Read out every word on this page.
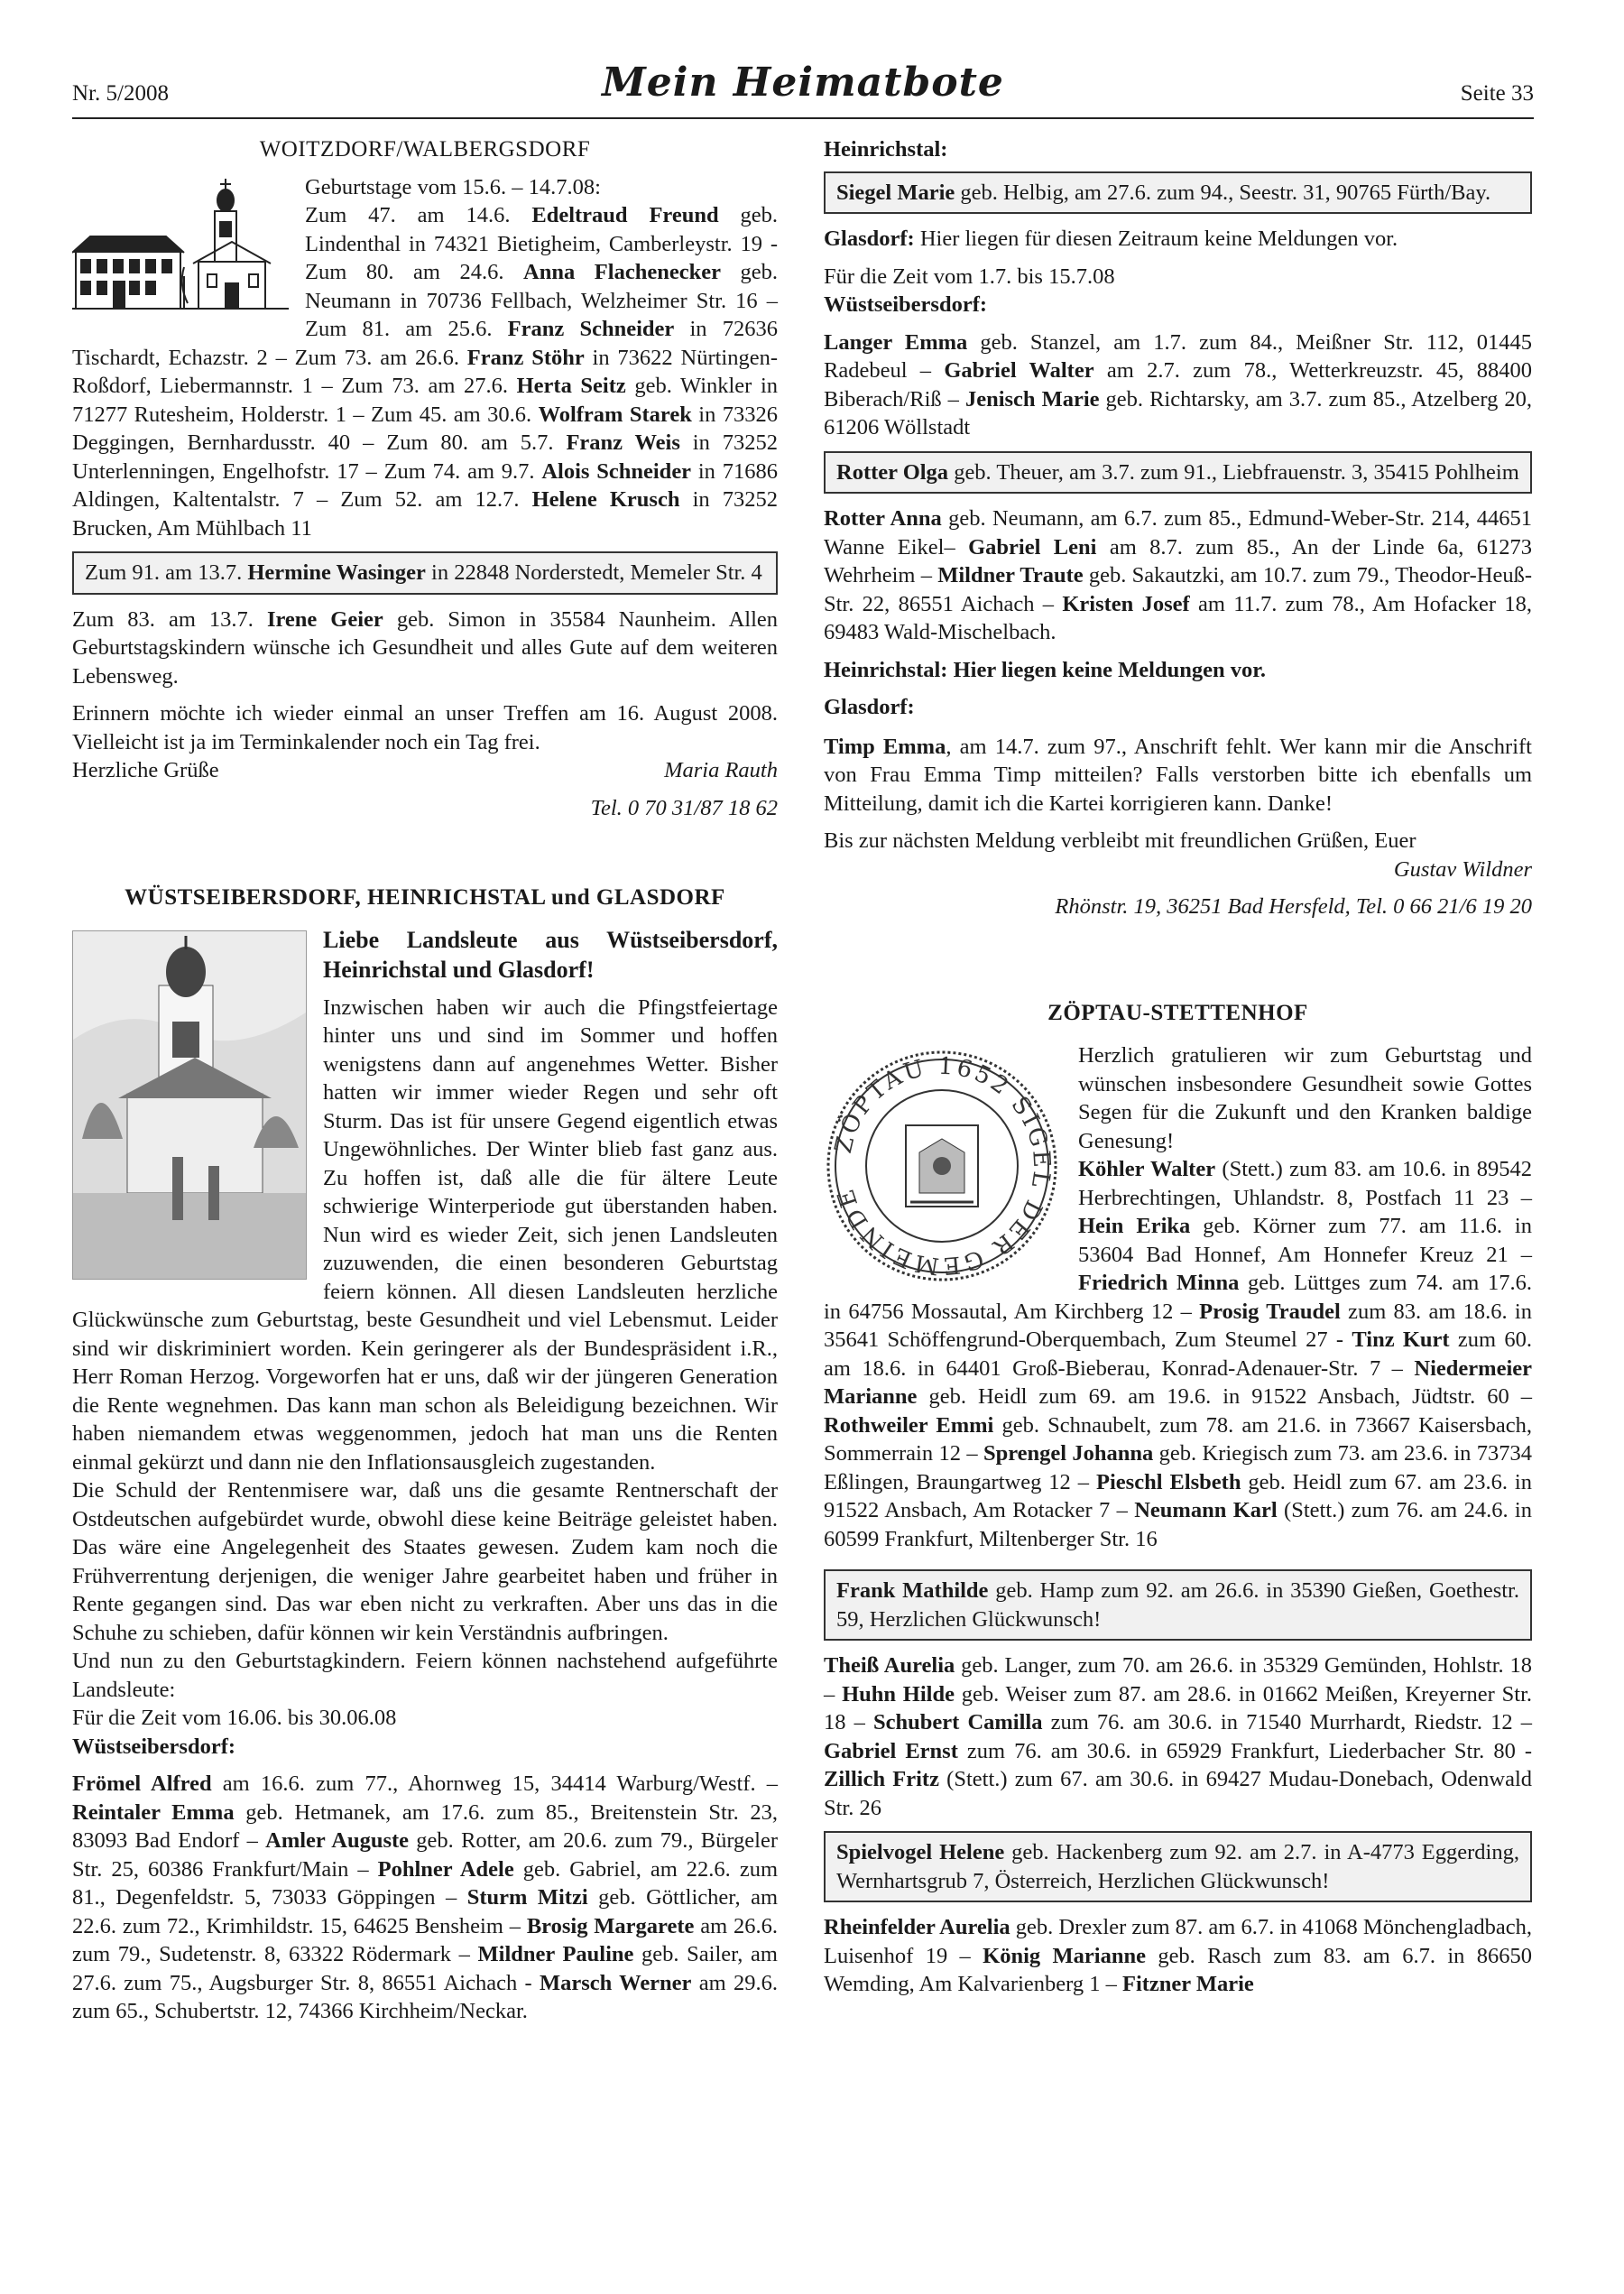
Nr. 5/2008	Mein Heimatbote	Seite 33
WOITZDORF/WALBERGSDORF

Geburtstage vom 15.6. – 14.7.08:

Zum 47. am 14.6. Edeltraud Freund geb. Lindenthal in 74321 Bietigheim, Camberleystr. 19 - Zum 80. am 24.6. Anna Flachenecker geb. Neumann in 70736 Fellbach, Welzheimer Str. 16 – Zum 81. am 25.6. Franz Schneider in 72636 Tischardt, Echazstr. 2 – Zum 73. am 26.6. Franz Stöhr in 73622 Nürtingen-Roßdorf, Liebermannstr. 1 – Zum 73. am 27.6. Herta Seitz geb. Winkler in 71277 Rutesheim, Holderstr. 1 – Zum 45. am 30.6. Wolfram Starek in 73326 Deggingen, Bernhardusstr. 40 – Zum 80. am 5.7. Franz Weis in 73252 Unterlenningen, Engelhofstr. 17 – Zum 74. am 9.7. Alois Schneider in 71686 Aldingen, Kaltentalstr. 7 – Zum 52. am 12.7. Helene Krusch in 73252 Brucken, Am Mühlbach 11

Zum 91. am 13.7. Hermine Wasinger in 22848 Norderstedt, Memeler Str. 4

Zum 83. am 13.7. Irene Geier geb. Simon in 35584 Naunheim. Allen Geburtstagskindern wünsche ich Gesundheit und alles Gute auf dem weiteren Lebensweg.

Erinnern möchte ich wieder einmal an unser Treffen am 16. August 2008. Vielleicht ist ja im Terminkalender noch ein Tag frei.

Herzliche Grüße	Maria Rauth

Tel. 0 70 31/87 18 62

WÜSTSEIBERSDORF, HEINRICHSTAL und GLASDORF

Liebe Landsleute aus Wüstseibersdorf, Heinrichstal und Glasdorf!

Inzwischen haben wir auch die Pfingstfeiertage hinter uns und sind im Sommer und hoffen wenigstens dann auf angenehmes Wetter. Bisher hatten wir immer wieder Regen und sehr oft Sturm. Das ist für unsere Gegend eigentlich etwas Ungewöhnliches. Der Winter blieb fast ganz aus. Zu hoffen ist, daß alle die für ältere Leute schwierige Winterperiode gut überstanden haben. Nun wird es wieder Zeit, sich jenen Landsleuten zuzuwenden, die einen besonderen Geburtstag feiern können. All diesen Landsleuten herzliche Glückwünsche zum Geburtstag, beste Gesundheit und viel Lebensmut. Leider sind wir diskriminiert worden. Kein geringerer als der Bundespräsident i.R., Herr Roman Herzog. Vorgeworfen hat er uns, daß wir der jüngeren Generation die Rente wegnehmen. Das kann man schon als Beleidigung bezeichnen. Wir haben niemandem etwas weggenommen, jedoch hat man uns die Renten einmal gekürzt und dann nie den Inflationsausgleich zugestanden.

Die Schuld der Rentenmisere war, daß uns die gesamte Rentnerschaft der Ostdeutschen aufgebürdet wurde, obwohl diese keine Beiträge geleistet haben. Das wäre eine Angelegenheit des Staates gewesen. Zudem kam noch die Frühverrentung derjenigen, die weniger Jahre gearbeitet haben und früher in Rente gegangen sind. Das war eben nicht zu verkraften. Aber uns das in die Schuhe zu schieben, dafür können wir kein Verständnis aufbringen.

Und nun zu den Geburtstagkindern. Feiern können nachstehend aufgeführte Landsleute:

Für die Zeit vom 16.06. bis 30.06.08

Wüstseibersdorf:

Frömel Alfred am 16.6. zum 77., Ahornweg 15, 34414 Warburg/Westf. – Reintaler Emma geb. Hetmanek, am 17.6. zum 85., Breitenstein Str. 23, 83093 Bad Endorf – Amler Auguste geb. Rotter, am 20.6. zum 79., Bürgeler Str. 25, 60386 Frankfurt/Main – Pohlner Adele geb. Gabriel, am 22.6. zum 81., Degenfeldstr. 5, 73033 Göppingen – Sturm Mitzi geb. Göttlicher, am 22.6. zum 72., Krimhildstr. 15, 64625 Bensheim – Brosig Margarete am 26.6. zum 79., Sudetenstr. 8, 63322 Rödermark – Mildner Pauline geb. Sailer, am 27.6. zum 75., Augsburger Str. 8, 86551 Aichach - Marsch Werner am 29.6. zum 65., Schubertstr. 12, 74366 Kirchheim/Neckar.

Heinrichstal:

Siegel Marie geb. Helbig, am 27.6. zum 94., Seestr. 31, 90765 Fürth/Bay.

Glasdorf: Hier liegen für diesen Zeitraum keine Meldungen vor.

Für die Zeit vom 1.7. bis 15.7.08

Wüstseibersdorf:

Langer Emma geb. Stanzel, am 1.7. zum 84., Meißner Str. 112, 01445 Radebeul – Gabriel Walter am 2.7. zum 78., Wetterkreuzstr. 45, 88400 Biberach/Riß – Jenisch Marie geb. Richtarsky, am 3.7. zum 85., Atzelberg 20, 61206 Wöllstadt

Rotter Olga geb. Theuer, am 3.7. zum 91., Liebfrauenstr. 3, 35415 Pohlheim

Rotter Anna geb. Neumann, am 6.7. zum 85., Edmund-Weber-Str. 214, 44651 Wanne Eikel– Gabriel Leni am 8.7. zum 85., An der Linde 6a, 61273 Wehrheim – Mildner Traute geb. Sakautzki, am 10.7. zum 79., Theodor-Heuß-Str. 22, 86551 Aichach – Kristen Josef am 11.7. zum 78., Am Hofacker 18, 69483 Wald-Mischelbach.

Heinrichstal: Hier liegen keine Meldungen vor.

Glasdorf:

Timp Emma, am 14.7. zum 97., Anschrift fehlt. Wer kann mir die Anschrift von Frau Emma Timp mitteilen? Falls verstorben bitte ich ebenfalls um Mitteilung, damit ich die Kartei korrigieren kann. Danke!

Bis zur nächsten Meldung verbleibt mit freundlichen Grüßen, Euer

Gustav Wildner

Rhönstr. 19, 36251 Bad Hersfeld, Tel. 0 66 21/6 19 20

ZÖPTAU-STETTENHOF
ZÖPTAU 1652 SIGEL DER GEMEINDE

Herzlich gratulieren wir zum Geburtstag und wünschen insbesondere Gesundheit sowie Gottes Segen für die Zukunft und den Kranken baldige Genesung!

Köhler Walter (Stett.) zum 83. am 10.6. in 89542 Herbrechtingen, Uhlandstr. 8, Postfach 11 23 – Hein Erika geb. Körner zum 77. am 11.6. in 53604 Bad Honnef, Am Honnefer Kreuz 21 – Friedrich Minna geb. Lüttges zum 74. am 17.6. in 64756 Mossautal, Am Kirchberg 12 – Prosig Traudel zum 83. am 18.6. in 35641 Schöffengrund-Oberquembach, Zum Steumel 27 - Tinz Kurt zum 60. am 18.6. in 64401 Groß-Bieberau, Konrad-Adenauer-Str. 7 – Niedermeier Marianne geb. Heidl zum 69. am 19.6. in 91522 Ansbach, Jüdtstr. 60 – Rothweiler Emmi geb. Schnaubelt, zum 78. am 21.6. in 73667 Kaisersbach, Sommerrain 12 – Sprengel Johanna geb. Kriegisch zum 73. am 23.6. in 73734 Eßlingen, Braungartweg 12 – Pieschl Elsbeth geb. Heidl zum 67. am 23.6. in 91522 Ansbach, Am Rotacker 7 – Neumann Karl (Stett.) zum 76. am 24.6. in 60599 Frankfurt, Miltenberger Str. 16

Frank Mathilde geb. Hamp zum 92. am 26.6. in 35390 Gießen, Goethestr. 59, Herzlichen Glückwunsch!

Theiß Aurelia geb. Langer, zum 70. am 26.6. in 35329 Gemünden, Hohlstr. 18 – Huhn Hilde geb. Weiser zum 87. am 28.6. in 01662 Meißen, Kreyerner Str. 18 – Schubert Camilla zum 76. am 30.6. in 71540 Murrhardt, Riedstr. 12 – Gabriel Ernst zum 76. am 30.6. in 65929 Frankfurt, Liederbacher Str. 80 - Zillich Fritz (Stett.) zum 67. am 30.6. in 69427 Mudau-Donebach, Odenwald Str. 26

Spielvogel Helene geb. Hackenberg zum 92. am 2.7. in A-4773 Eggerding, Wernhartsgrub 7, Österreich, Herzlichen Glückwunsch!

Rheinfelder Aurelia geb. Drexler zum 87. am 6.7. in 41068 Mönchengladbach, Luisenhof 19 – König Marianne geb. Rasch zum 83. am 6.7. in 86650 Wemding, Am Kalvarienberg 1 – Fitzner Marie
